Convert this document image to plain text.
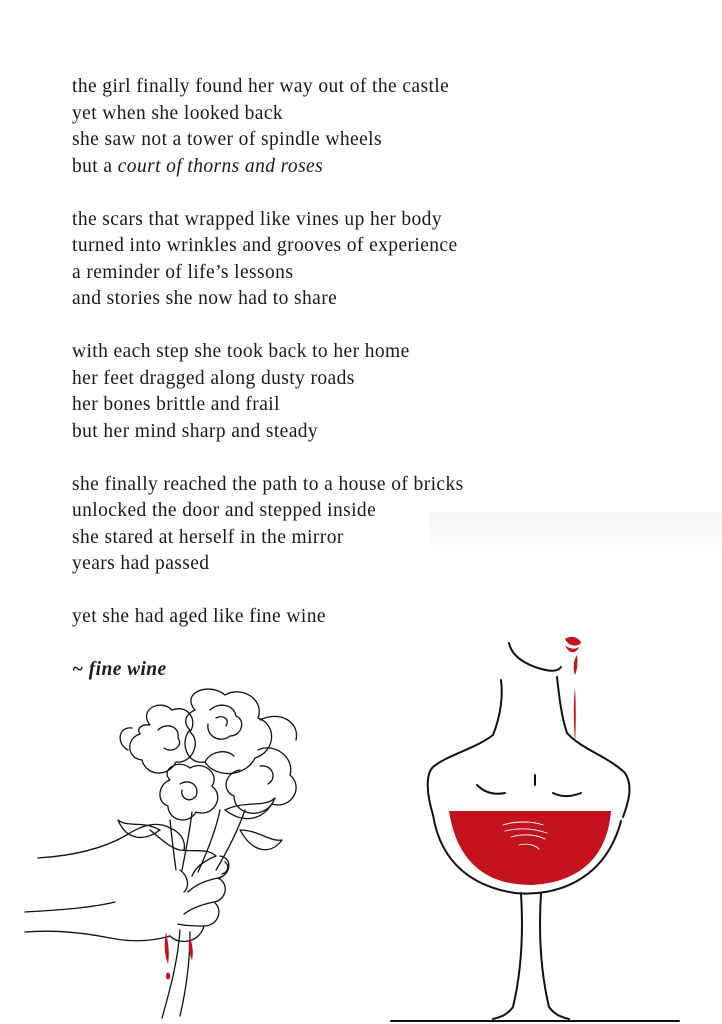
the girl finally found her way out of the castle
yet when she looked back
she saw not a tower of spindle wheels
but a court of thorns and roses
the scars that wrapped like vines up her body
turned into wrinkles and grooves of experience
a reminder of life’s lessons
and stories she now had to share
with each step she took back to her home
her feet dragged along dusty roads
her bones brittle and frail
but her mind sharp and steady
she finally reached the path to a house of bricks
unlocked the door and stepped inside
she stared at herself in the mirror
years had passed
yet she had aged like fine wine
~ fine wine
